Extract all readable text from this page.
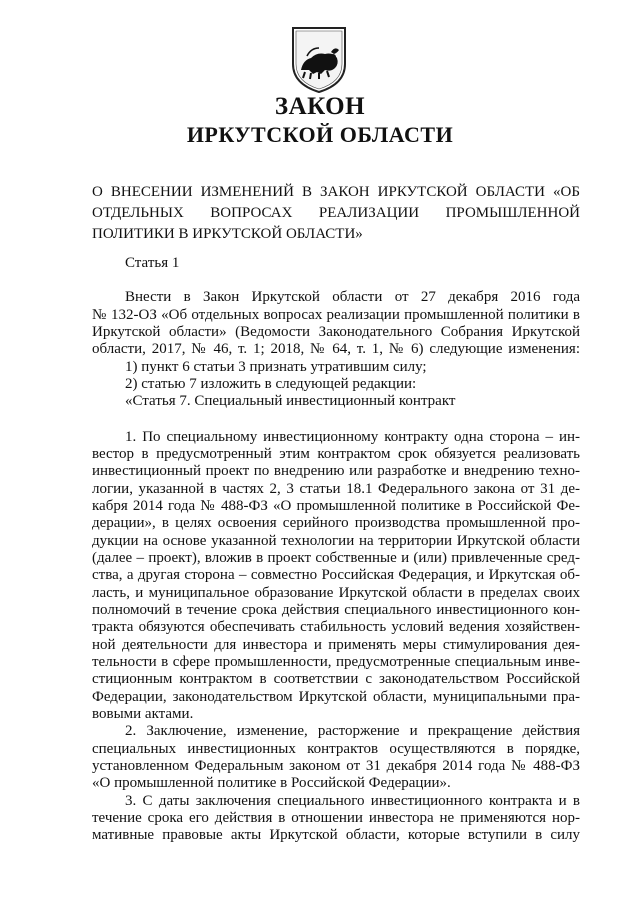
ЗАКОН
ИРКУТСКОЙ ОБЛАСТИ
О ВНЕСЕНИИ ИЗМЕНЕНИЙ В ЗАКОН ИРКУТСКОЙ ОБЛАСТИ «ОБ ОТДЕЛЬНЫХ ВОПРОСАХ РЕАЛИЗАЦИИ ПРОМЫШЛЕННОЙ ПОЛИТИКИ В ИРКУТСКОЙ ОБЛАСТИ»
Статья 1
Внести в Закон Иркутской области от 27 декабря 2016 года
№ 132-ОЗ «Об отдельных вопросах реализации промышленной политики в
Иркутской области» (Ведомости Законодательного Собрания Иркутской
области, 2017, № 46, т. 1; 2018, № 64, т. 1, № 6) следующие изменения:
1) пункт 6 статьи 3 признать утратившим силу;
2) статью 7 изложить в следующей редакции:
«Статья 7. Специальный инвестиционный контракт
1. По специальному инвестиционному контракту одна сторона – ин-
вестор в предусмотренный этим контрактом срок обязуется реализовать
инвестиционный проект по внедрению или разработке и внедрению техно-
логии, указанной в частях 2, 3 статьи 18.1 Федерального закона от 31 де-
кабря 2014 года № 488-ФЗ «О промышленной политике в Российской Фе-
дерации», в целях освоения серийного производства промышленной про-
дукции на основе указанной технологии на территории Иркутской области
(далее – проект), вложив в проект собственные и (или) привлеченные сред-
ства, а другая сторона – совместно Российская Федерация, и Иркутская об-
ласть, и муниципальное образование Иркутской области в пределах своих
полномочий в течение срока действия специального инвестиционного кон-
тракта обязуются обеспечивать стабильность условий ведения хозяйствен-
ной деятельности для инвестора и применять меры стимулирования дея-
тельности в сфере промышленности, предусмотренные специальным инве-
стиционным контрактом в соответствии с законодательством Российской
Федерации, законодательством Иркутской области, муниципальными пра-
вовыми актами.
2. Заключение, изменение, расторжение и прекращение действия
специальных инвестиционных контрактов осуществляются в порядке,
установленном Федеральным законом от 31 декабря 2014 года № 488-ФЗ
«О промышленной политике в Российской Федерации».
3. С даты заключения специального инвестиционного контракта и в
течение срока его действия в отношении инвестора не применяются нор-
мативные правовые акты Иркутской области, которые вступили в силу
